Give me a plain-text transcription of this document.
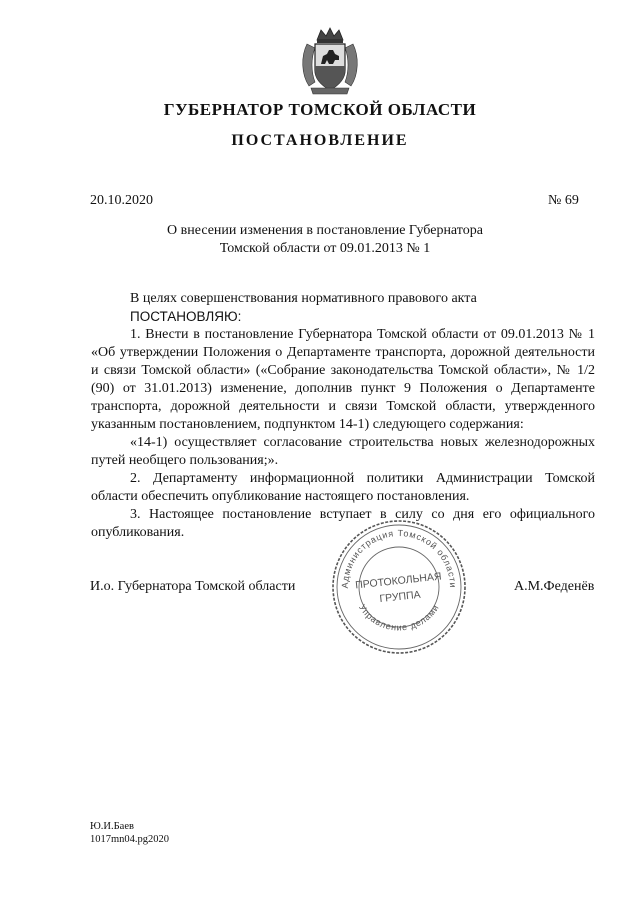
ГУБЕРНАТОР ТОМСКОЙ ОБЛАСТИ
ПОСТАНОВЛЕНИЕ
20.10.2020	№ 69
О внесении изменения в постановление Губернатора
Томской области от 09.01.2013 № 1

В целях совершенствования нормативного правового акта

ПОСТАНОВЛЯЮ:

1. Внести в постановление Губернатора Томской области от 09.01.2013 № 1 «Об утверждении Положения о Департаменте транспорта, дорожной деятельности и связи Томской области» («Собрание законодательства Томской области», № 1/2 (90) от 31.01.2013) изменение, дополнив пункт 9 Положения о Департаменте транспорта, дорожной деятельности и связи Томской области, утвержденного указанным постановлением, подпунктом 14-1) следующего содержания:

«14-1) осуществляет согласование строительства новых железнодорожных путей необщего пользования;».

2. Департаменту информационной политики Администрации Томской области обеспечить опубликование настоящего постановления.

3. Настоящее постановление вступает в силу со дня его официального опубликования.

Администрация Томской области
Управление делами
ПРОТОКОЛЬНАЯ
ГРУППА
И.о. Губернатора Томской области	А.М.Феденёв
Ю.И.Баев
1017mn04.pg2020
